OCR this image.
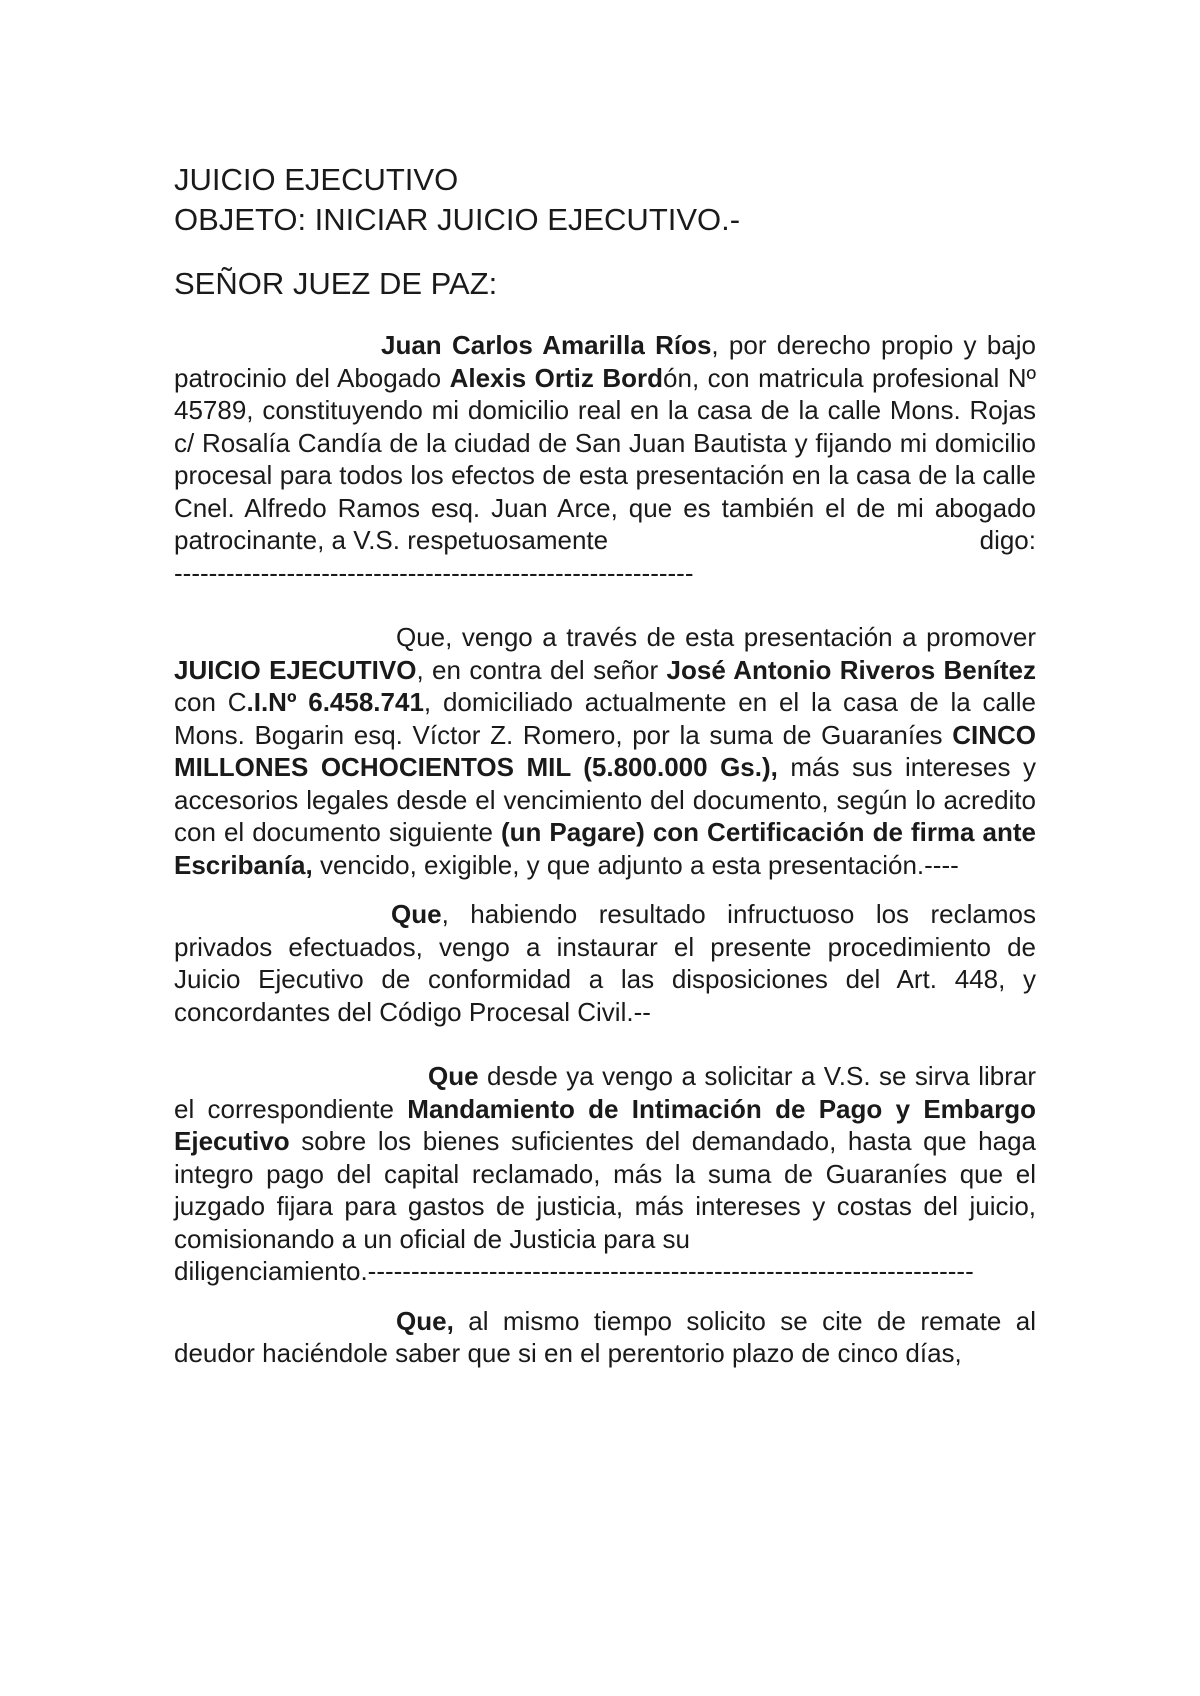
JUICIO EJECUTIVO

OBJETO: INICIAR JUICIO EJECUTIVO.-

SEÑOR JUEZ DE PAZ:

Juan Carlos Amarilla Ríos, por derecho propio y bajo patrocinio del Abogado Alexis Ortiz Bordón, con matricula profesional Nº 45789, constituyendo mi domicilio real en la casa de la calle Mons. Rojas c/ Rosalía Candía de la ciudad de San Juan Bautista y fijando mi domicilio procesal para todos los efectos de esta presentación en la casa de la calle Cnel. Alfredo Ramos esq. Juan Arce, que es también el de mi abogado patrocinante, a V.S. respetuosamente	digo:

------------------------------------------------------------

Que, vengo a través de esta presentación a promover JUICIO EJECUTIVO, en contra del señor José Antonio Riveros Benítez con C.I.Nº 6.458.741, domiciliado actualmente en el la casa de la calle Mons. Bogarin esq. Víctor Z. Romero, por la suma de Guaraníes CINCO MILLONES OCHOCIENTOS MIL (5.800.000 Gs.), más sus intereses y accesorios legales desde el vencimiento del documento, según lo acredito con el documento siguiente (un Pagare) con Certificación de firma ante Escribanía, vencido, exigible, y que adjunto a esta presentación.----

Que, habiendo resultado infructuoso los reclamos privados efectuados, vengo a instaurar el presente procedimiento de Juicio Ejecutivo de conformidad a las disposiciones del Art. 448, y concordantes del Código Procesal Civil.--

Que desde ya vengo a solicitar a V.S. se sirva librar el correspondiente Mandamiento de Intimación de Pago y Embargo Ejecutivo sobre los bienes suficientes del demandado, hasta que haga integro pago del capital reclamado, más la suma de Guaraníes que el juzgado fijara para gastos de justicia, más intereses y costas del juicio, comisionando a un oficial de Justicia para su

diligenciamiento.----------------------------------------------------------------------

Que, al mismo tiempo solicito se cite de remate al deudor haciéndole saber que si en el perentorio plazo de cinco días,
